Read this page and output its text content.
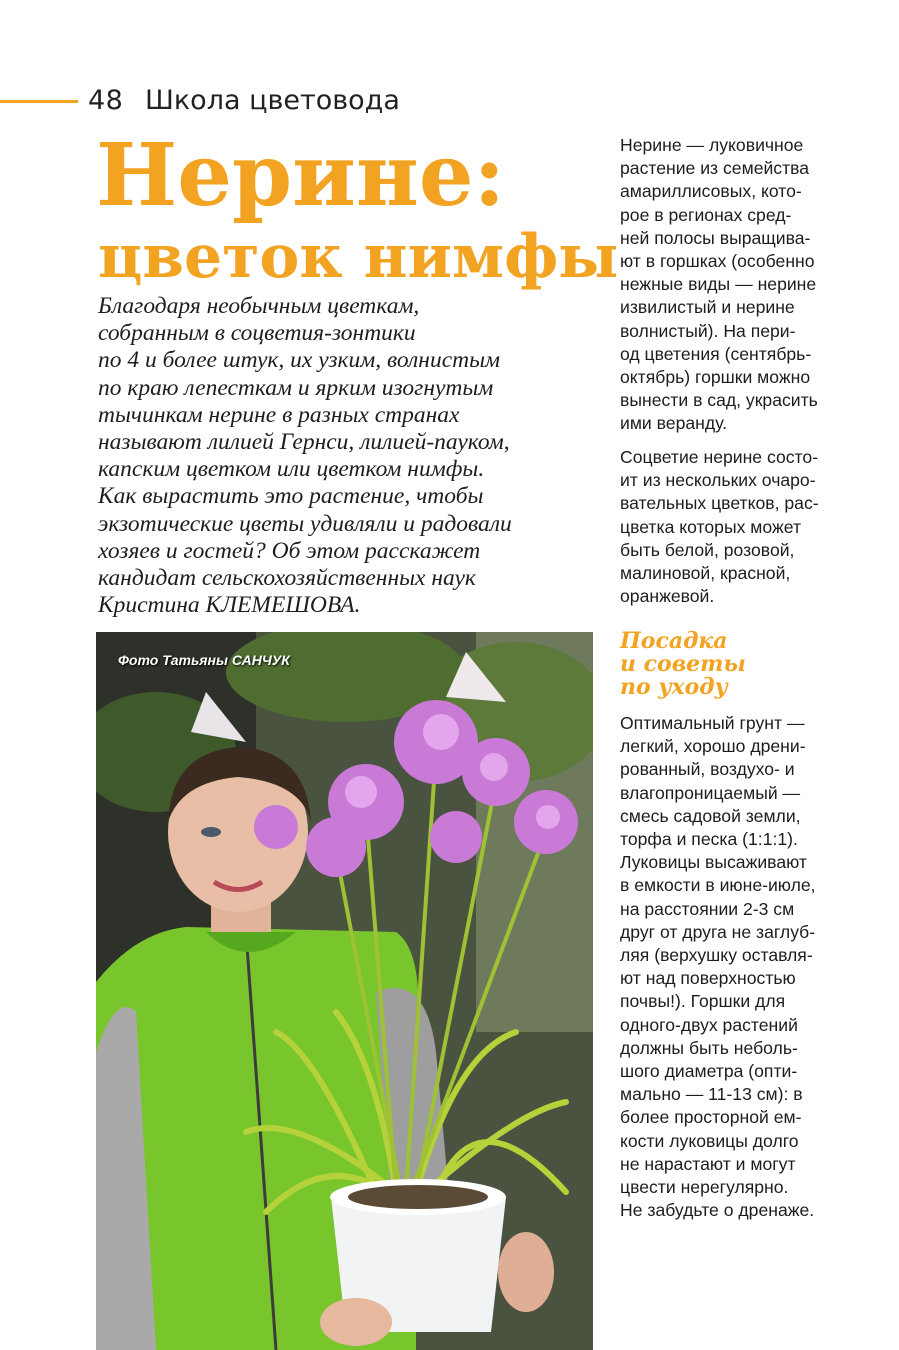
48 Школа цветовода
Нерине:
цветок нимфы
Благодаря необычным цветкам,
собранным в соцветия-зонтики
по 4 и более штук, их узким, волнистым
по краю лепесткам и ярким изогнутым
тычинкам нерине в разных странах
называют лилией Гернси, лилией-пауком,
капским цветком или цветком нимфы.
Как вырастить это растение, чтобы
экзотические цветы удивляли и радовали
хозяев и гостей? Об этом расскажет
кандидат сельскохозяйственных наук
Кристина КЛЕМЕШОВА.
Фото Татьяны САНЧУК
Нерине — луковичное
растение из семейства
амариллисовых, кото-
рое в регионах сред-
ней полосы выращива-
ют в горшках (особенно
нежные виды — нерине
извилистый и нерине
волнистый). На пери-
од цветения (сентябрь-
октябрь) горшки можно
вынести в сад, украсить
ими веранду.
Соцветие нерине состо-
ит из нескольких очаро-
вательных цветков, рас-
цветка которых может
быть белой, розовой,
малиновой, красной,
оранжевой.
Посадка
и советы
по уходу
Оптимальный грунт —
легкий, хорошо дрени-
рованный, воздухо- и
влагопроницаемый —
смесь садовой земли,
торфа и песка (1:1:1).
Луковицы высаживают
в емкости в июне-июле,
на расстоянии 2-3 см
друг от друга не заглуб-
ляя (верхушку оставля-
ют над поверхностью
почвы!). Горшки для
одного-двух растений
должны быть неболь-
шого диаметра (опти-
мально — 11-13 см): в
более просторной ем-
кости луковицы долго
не нарастают и могут
цвести нерегулярно.
Не забудьте о дренаже.
